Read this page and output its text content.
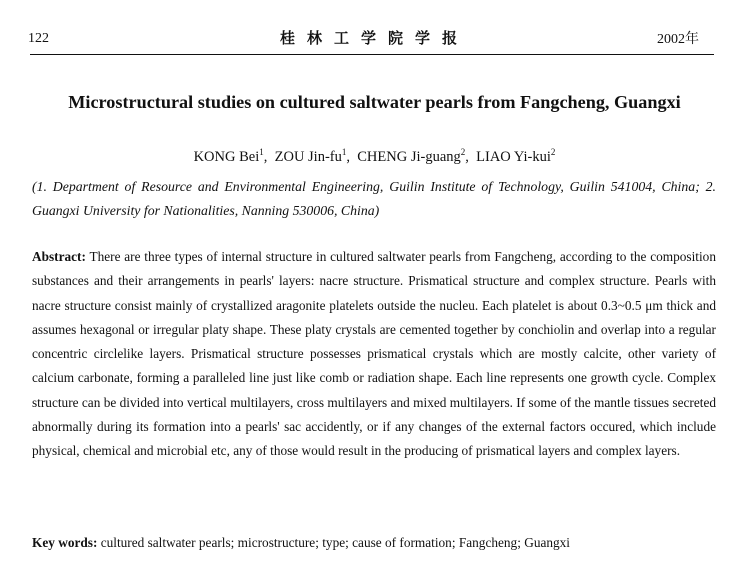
122	桂林工学院学报	2002年
Microstructural studies on cultured saltwater pearls from Fangcheng, Guangxi
KONG Bei$^1$,  ZOU Jin-$fu^1$,  CHENG Ji-guang$^2$,  LIAO Yi-kui$^2$
(1. Department of Resource and Environmental Engineering, Guilin Institute of Technology, Guilin 541004, China; 2. Guangxi University for Nationalities, Nanning 530006, China)
Abstract: There are three types of internal structure in cultured saltwater pearls from Fangcheng, according to the composition substances and their arrangements in pearls' layers: nacre structure. Prismatical structure and complex structure. Pearls with nacre structure consist mainly of crystallized aragonite platelets outside the nucleu. Each platelet is about 0.3~0.5 μm thick and assumes hexagonal or irregular platy shape. These platy crystals are cemented together by conchiolin and overlap into a regular concentric circlelike layers. Prismatical structure possesses prismatical crystals which are mostly calcite, other variety of calcium carbonate, forming a paralleled line just like comb or radiation shape. Each line represents one growth cycle. Complex structure can be divided into vertical multilayers, cross multilayers and mixed multilayers. If some of the mantle tissues secreted abnormally during its formation into a pearls' sac accidently, or if any changes of the external factors occured, which include physical, chemical and microbial etc, any of those would result in the producing of prismatical layers and complex layers.
Key words: cultured saltwater pearls; microstructure; type; cause of formation; Fangcheng; Guangxi
